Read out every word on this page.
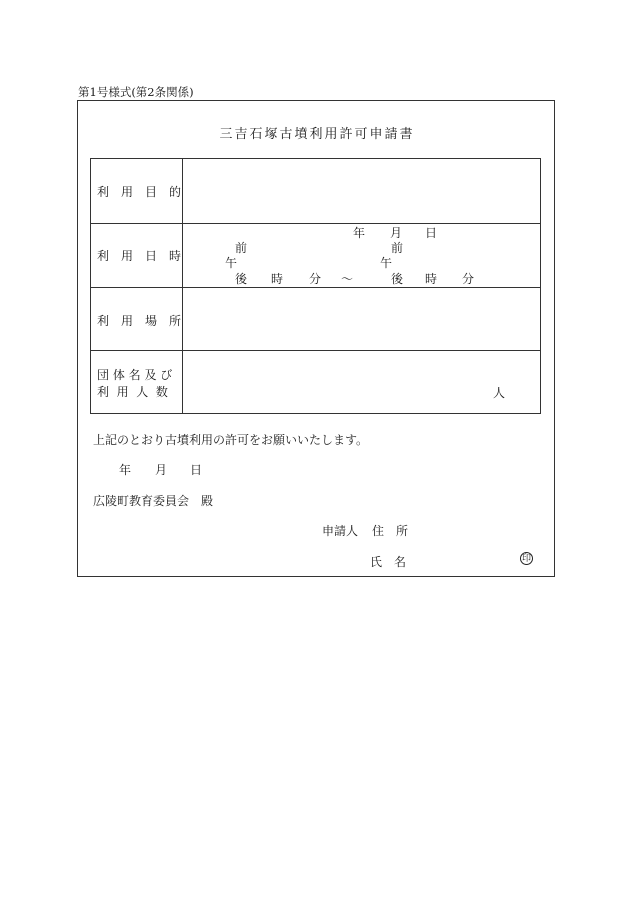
第1号様式(第2条関係)
三吉石塚古墳利用許可申請書
利 用 目 的
利 用 日 時
年 月 日
前
午
後 時 分 ～
前
午
後 時 分
利 用 場 所
団 体 名 及 び
利  用  人  数	人
上記のとおり古墳利用の許可をお願いいたします。
年 月 日
広陵町教育委員会　殿
申請人 住　所
氏　名	印
